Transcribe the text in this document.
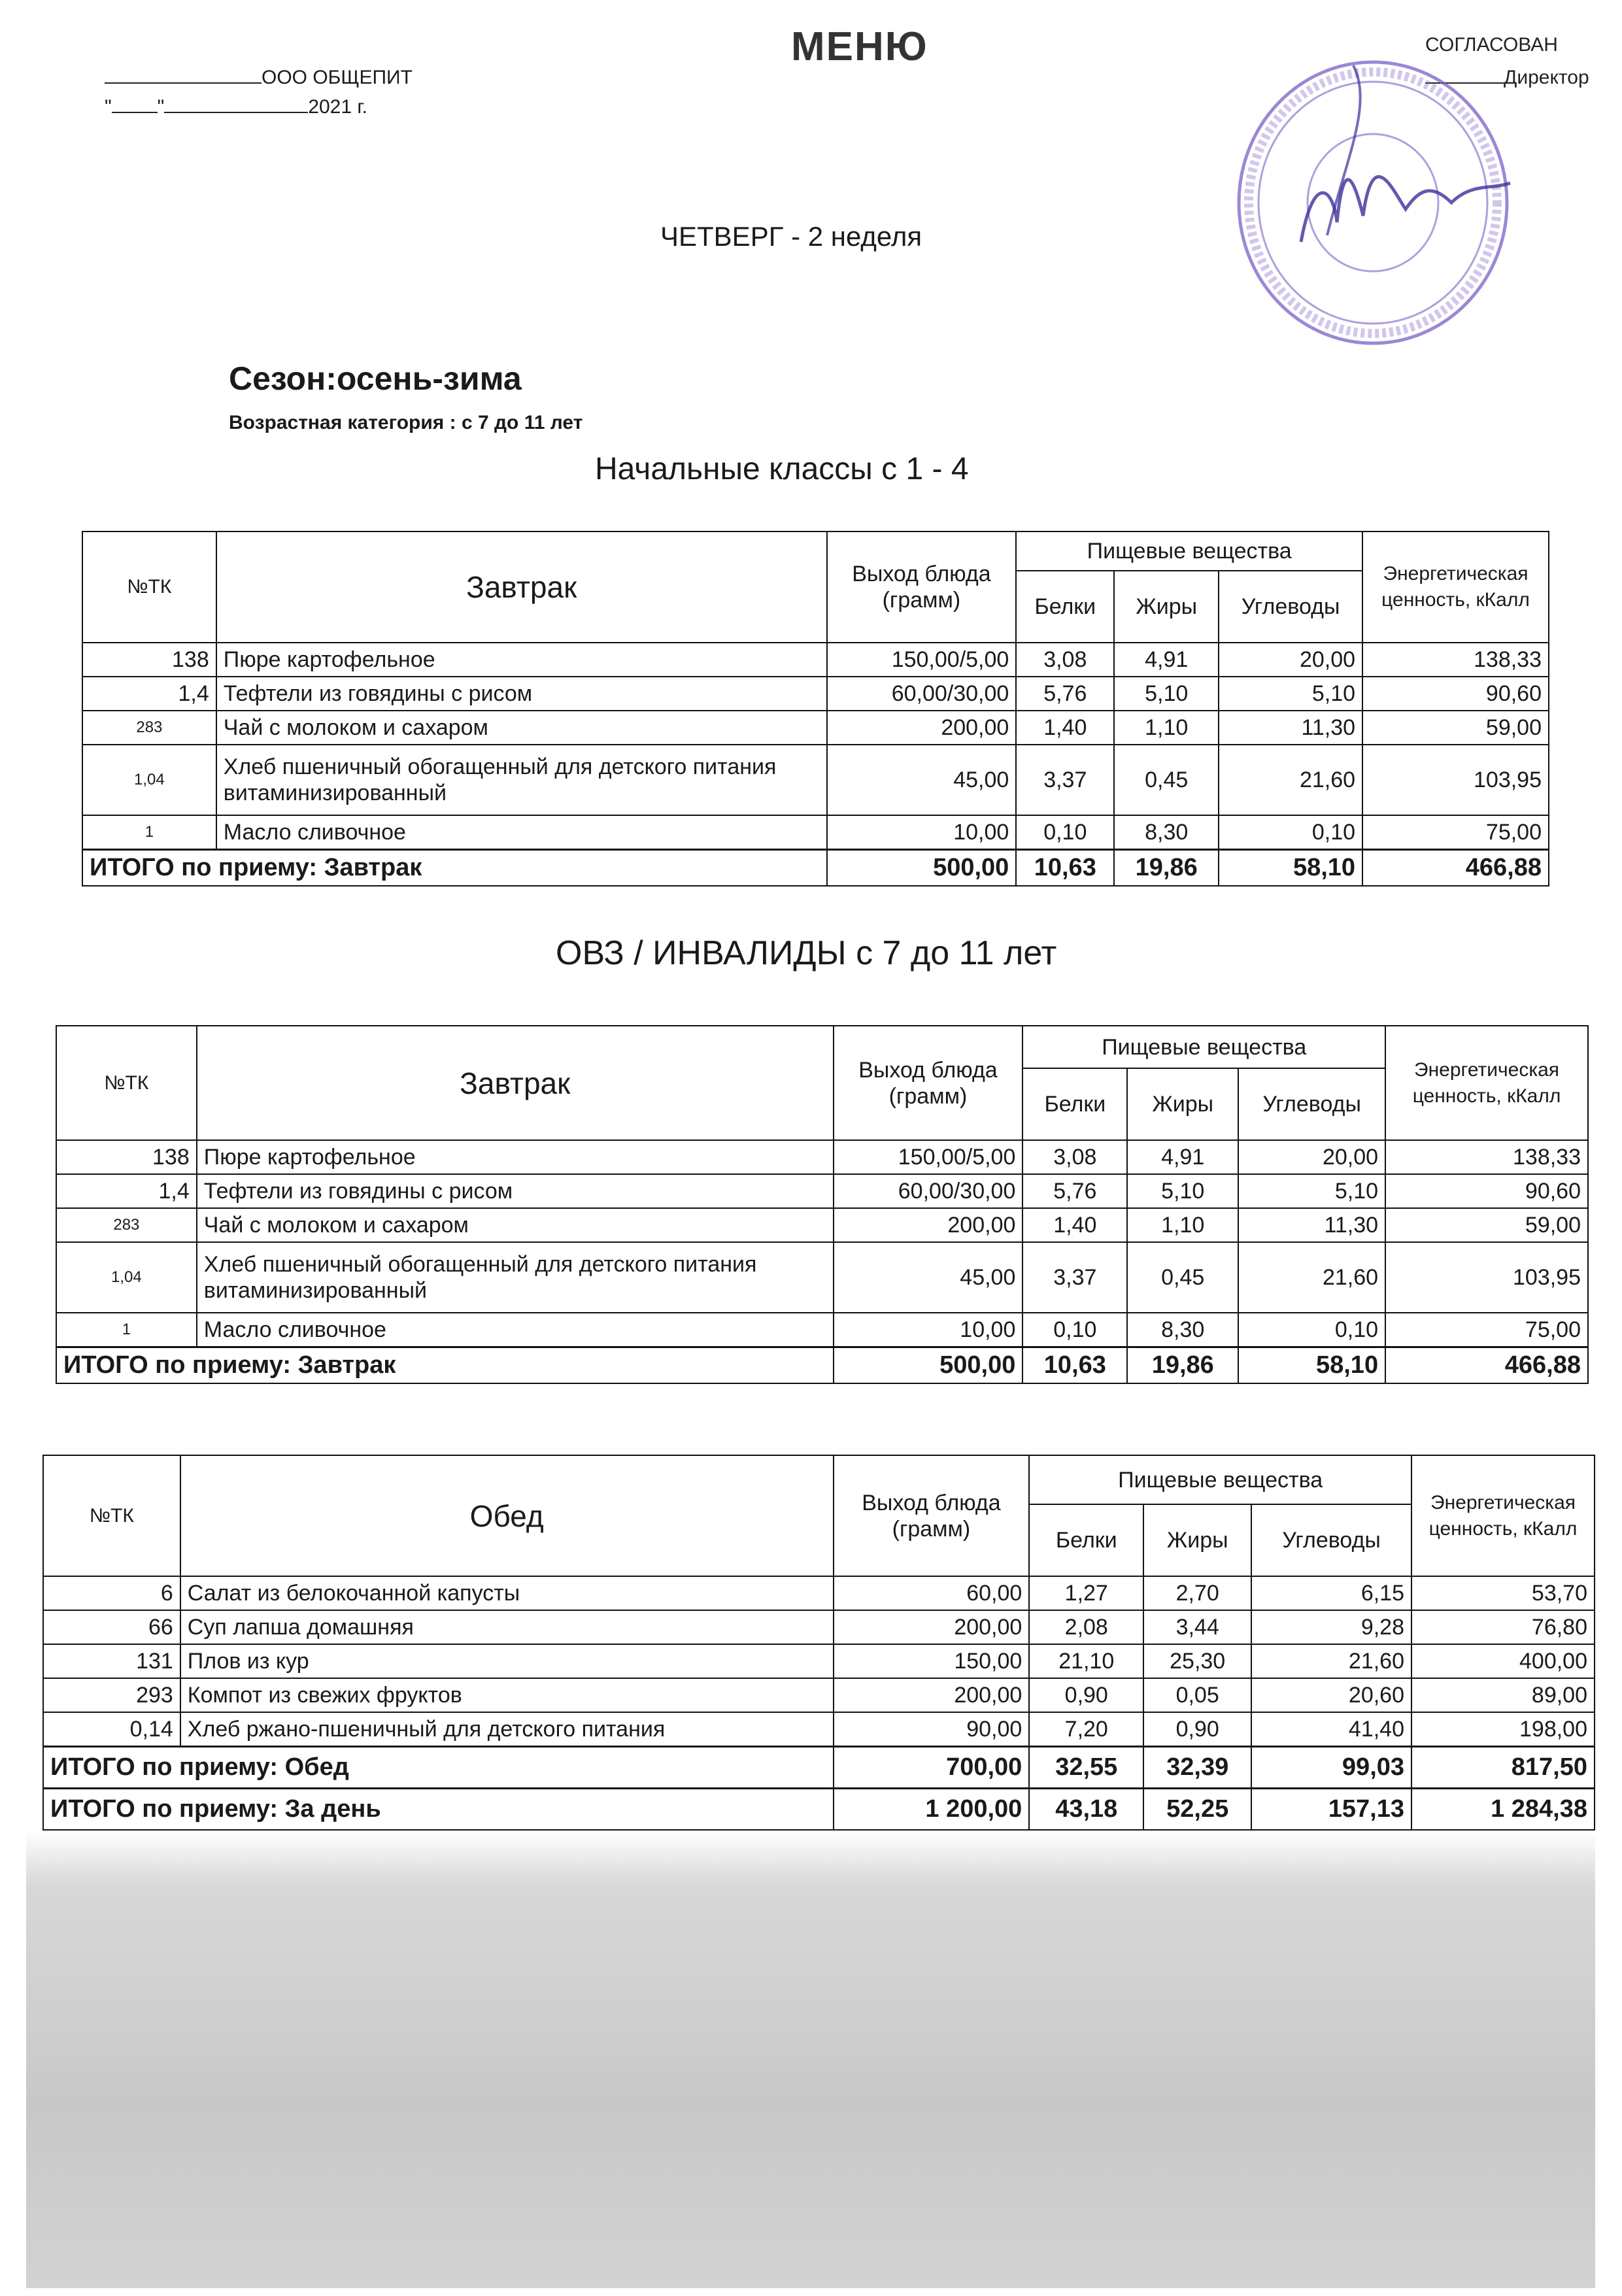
ООО ОБЩЕПИТ
" "	2021 г.
МЕНЮ	СОГЛАСОВАН
Директор
ЧЕТВЕРГ - 2 неделя
Сезон:осень-зима
Возрастная категория : с 7 до 11 лет
Начальные классы с 1 - 4
№ТК	Завтрак	Выход блюда (грамм)	Пищевые вещества			Энергетическая ценность, кКалл
			Белки	Жиры	Углеводы	
138	Пюре картофельное	150,00/5,00	3,08	4,91	20,00	138,33
1,4	Тефтели из говядины с рисом	60,00/30,00	5,76	5,10	5,10	90,60
283	Чай с молоком и сахаром	200,00	1,40	1,10	11,30	59,00
1,04	Хлеб пшеничный обогащенный для детского питания витаминизированный	45,00	3,37	0,45	21,60	103,95
1	Масло сливочное	10,00	0,10	8,30	0,10	75,00
ИТОГО по приему: Завтрак		500,00	10,63	19,86	58,10	466,88
ОВЗ / ИНВАЛИДЫ с 7 до 11 лет
№ТК	Завтрак	Выход блюда (грамм)	Пищевые вещества			Энергетическая ценность, кКалл
			Белки	Жиры	Углеводы	
138	Пюре картофельное	150,00/5,00	3,08	4,91	20,00	138,33
1,4	Тефтели из говядины с рисом	60,00/30,00	5,76	5,10	5,10	90,60
283	Чай с молоком и сахаром	200,00	1,40	1,10	11,30	59,00
1,04	Хлеб пшеничный обогащенный для детского питания витаминизированный	45,00	3,37	0,45	21,60	103,95
1	Масло сливочное	10,00	0,10	8,30	0,10	75,00
ИТОГО по приему: Завтрак		500,00	10,63	19,86	58,10	466,88
№ТК	Обед	Выход блюда (грамм)	Пищевые вещества			Энергетическая ценность, кКалл
			Белки	Жиры	Углеводы	
6	Салат из белокочанной капусты	60,00	1,27	2,70	6,15	53,70
66	Суп лапша домашняя	200,00	2,08	3,44	9,28	76,80
131	Плов из кур	150,00	21,10	25,30	21,60	400,00
293	Компот из свежих фруктов	200,00	0,90	0,05	20,60	89,00
0,14	Хлеб ржано-пшеничный для детского питания	90,00	7,20	0,90	41,40	198,00
ИТОГО по приему: Обед		700,00	32,55	32,39	99,03	817,50
ИТОГО по приему: За день		1 200,00	43,18	52,25	157,13	1 284,38
